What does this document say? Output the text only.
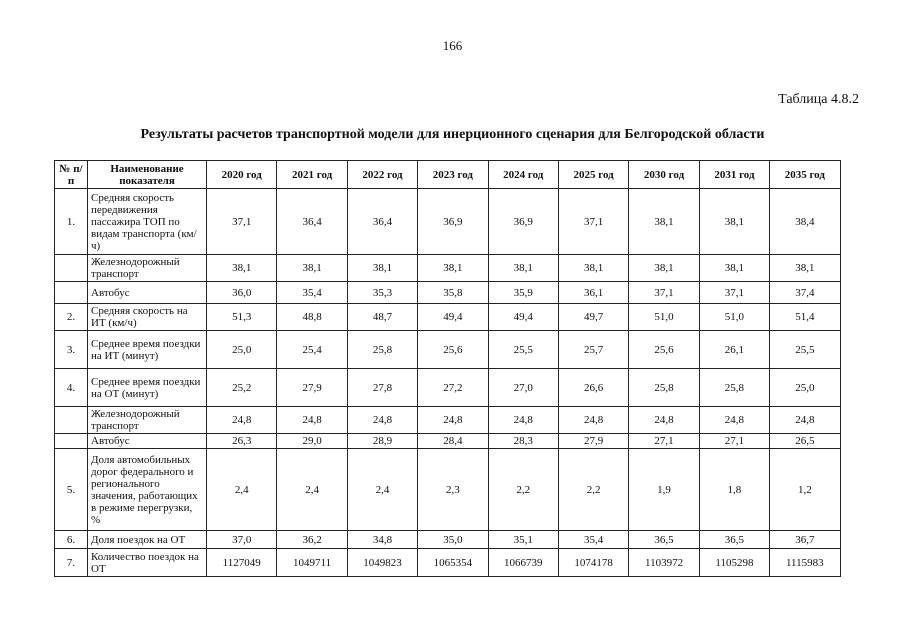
166
Таблица 4.8.2
Результаты расчетов транспортной модели для инерционного сценария для Белгородской области
№ п/п	Наименование показателя	2020 год	2021 год	2022 год	2023 год	2024 год	2025 год	2030 год	2031 год	2035 год
1.	Средняя скорость передвижения пассажира ТОП по видам транспорта (км/ч)	37,1	36,4	36,4	36,9	36,9	37,1	38,1	38,1	38,4
	Железнодорожный транспорт	38,1	38,1	38,1	38,1	38,1	38,1	38,1	38,1	38,1
	Автобус	36,0	35,4	35,3	35,8	35,9	36,1	37,1	37,1	37,4
2.	Средняя скорость на ИТ (км/ч)	51,3	48,8	48,7	49,4	49,4	49,7	51,0	51,0	51,4
3.	Среднее время поездки на ИТ (минут)	25,0	25,4	25,8	25,6	25,5	25,7	25,6	26,1	25,5
4.	Среднее время поездки на ОТ (минут)	25,2	27,9	27,8	27,2	27,0	26,6	25,8	25,8	25,0
	Железнодорожный транспорт	24,8	24,8	24,8	24,8	24,8	24,8	24,8	24,8	24,8
	Автобус	26,3	29,0	28,9	28,4	28,3	27,9	27,1	27,1	26,5
5.	Доля автомобильных дорог федерального и регионального значения, работающих в режиме перегрузки, %	2,4	2,4	2,4	2,3	2,2	2,2	1,9	1,8	1,2
6.	Доля поездок на ОТ	37,0	36,2	34,8	35,0	35,1	35,4	36,5	36,5	36,7
7.	Количество поездок на ОТ	1127049	1049711	1049823	1065354	1066739	1074178	1103972	1105298	1115983
